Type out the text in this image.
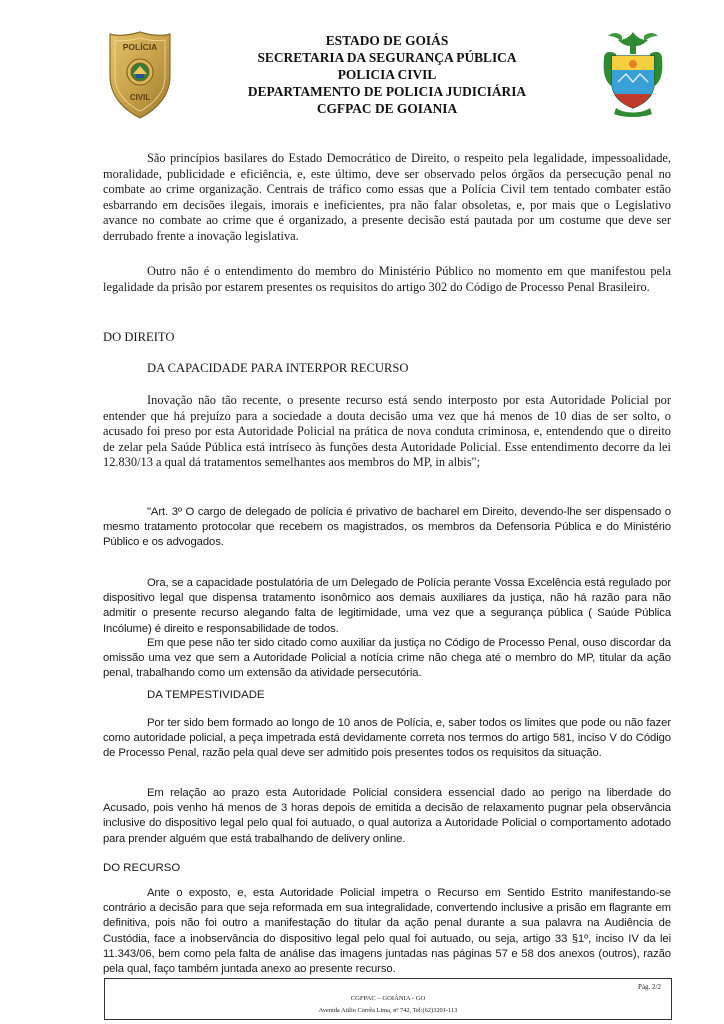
POLÍCIA
CIVIL
ESTADO DE GOIÁS
SECRETARIA DA SEGURANÇA PÚBLICA
POLICIA CIVIL
DEPARTAMENTO DE POLICIA JUDICIÁRIA
CGFPAC DE GOIANIA
São princípios basilares do Estado Democrático de Direito, o respeito pela legalidade, impessoalidade, moralidade, publicidade e eficiência, e, este último, deve ser observado pelos órgãos da persecução penal no combate ao crime organização. Centrais de tráfico como essas que a Polícia Civil tem tentado combater estão esbarrando em decisões ilegais, imorais e ineficientes, pra não falar obsoletas, e, por mais que o Legislativo avance no combate ao crime que é organizado, a presente decisão está pautada por um costume que deve ser derrubado frente a inovação legislativa.
Outro não é o entendimento do membro do Ministério Público no momento em que manifestou pela legalidade da prisão por estarem presentes os requisitos do artigo 302 do Código de Processo Penal Brasileiro.
DO DIREITO
DA CAPACIDADE PARA INTERPOR RECURSO
Inovação não tão recente, o presente recurso está sendo interposto por esta Autoridade Policial por entender que há prejuízo para a sociedade a douta decisão uma vez que há menos de 10 dias de ser solto, o acusado foi preso por esta Autoridade Policial na prática de nova conduta criminosa, e, entendendo que o direito de zelar pela Saúde Pública está intríseco às funções desta Autoridade Policial. Esse entendimento decorre da lei 12.830/13 a qual dá tratamentos semelhantes aos membros do MP, in albis";
"Art. 3º O cargo de delegado de polícia é privativo de bacharel em Direito, devendo-lhe ser dispensado o mesmo tratamento protocolar que recebem os magistrados, os membros da Defensoria Pública e do Ministério Público e os advogados.
Ora, se a capacidade postulatória de um Delegado de Polícia perante Vossa Excelência está regulado por dispositivo legal que dispensa tratamento isonômico aos demais auxiliares da justiça, não há razão para não admitir o presente recurso alegando falta de legitimidade, uma vez que a segurança pública ( Saúde Pública Incólume) é direito e responsabilidade de todos.
Em que pese não ter sido citado como auxiliar da justiça no Código de Processo Penal, ouso discordar da omissão uma vez que sem a Autoridade Policial a notícia crime não chega até o membro do MP, titular da ação penal, trabalhando como um extensão da atividade persecutória.
DA TEMPESTIVIDADE
Por ter sido bem formado ao longo de 10 anos de Polícia, e, saber todos os limites que pode ou não fazer como autoridade policial, a peça impetrada está devidamente correta nos termos do artigo 581, inciso V do Código de Processo Penal, razão pela qual deve ser admitido pois presentes todos os requisitos da situação.
Em relação ao prazo esta Autoridade Policial considera essencial dado ao perigo na liberdade do Acusado, pois venho há menos de 3 horas depois de emitida a decisão de relaxamento pugnar pela observância inclusive do dispositivo legal pelo qual foi autuado, o qual autoriza a Autoridade Policial o comportamento adotado para prender alguém que está trabalhando de delivery online.
DO RECURSO
Ante o exposto, e, esta Autoridade Policial impetra o Recurso em Sentido Estrito manifestando-se contrário a decisão para que seja reformada em sua integralidade, convertendo inclusive a prisão em flagrante em definitiva, pois não foi outro a manifestação do titular da ação penal durante a sua palavra na Audiência de Custódia, face a inobservância do dispositivo legal pelo qual foi autuado, ou seja, artigo 33 §1º, inciso IV da lei 11.343/06, bem como pela falta de análise das imagens juntadas nas páginas 57 e 58 dos anexos (outros), razão pela qual, faço também juntada anexo ao presente recurso.
Pág. 2/2
CGFPAC – GOIÂNIA - GO
Avenida Atilio Corrêa Lima, nº 742, Tel:(62)3201-113
